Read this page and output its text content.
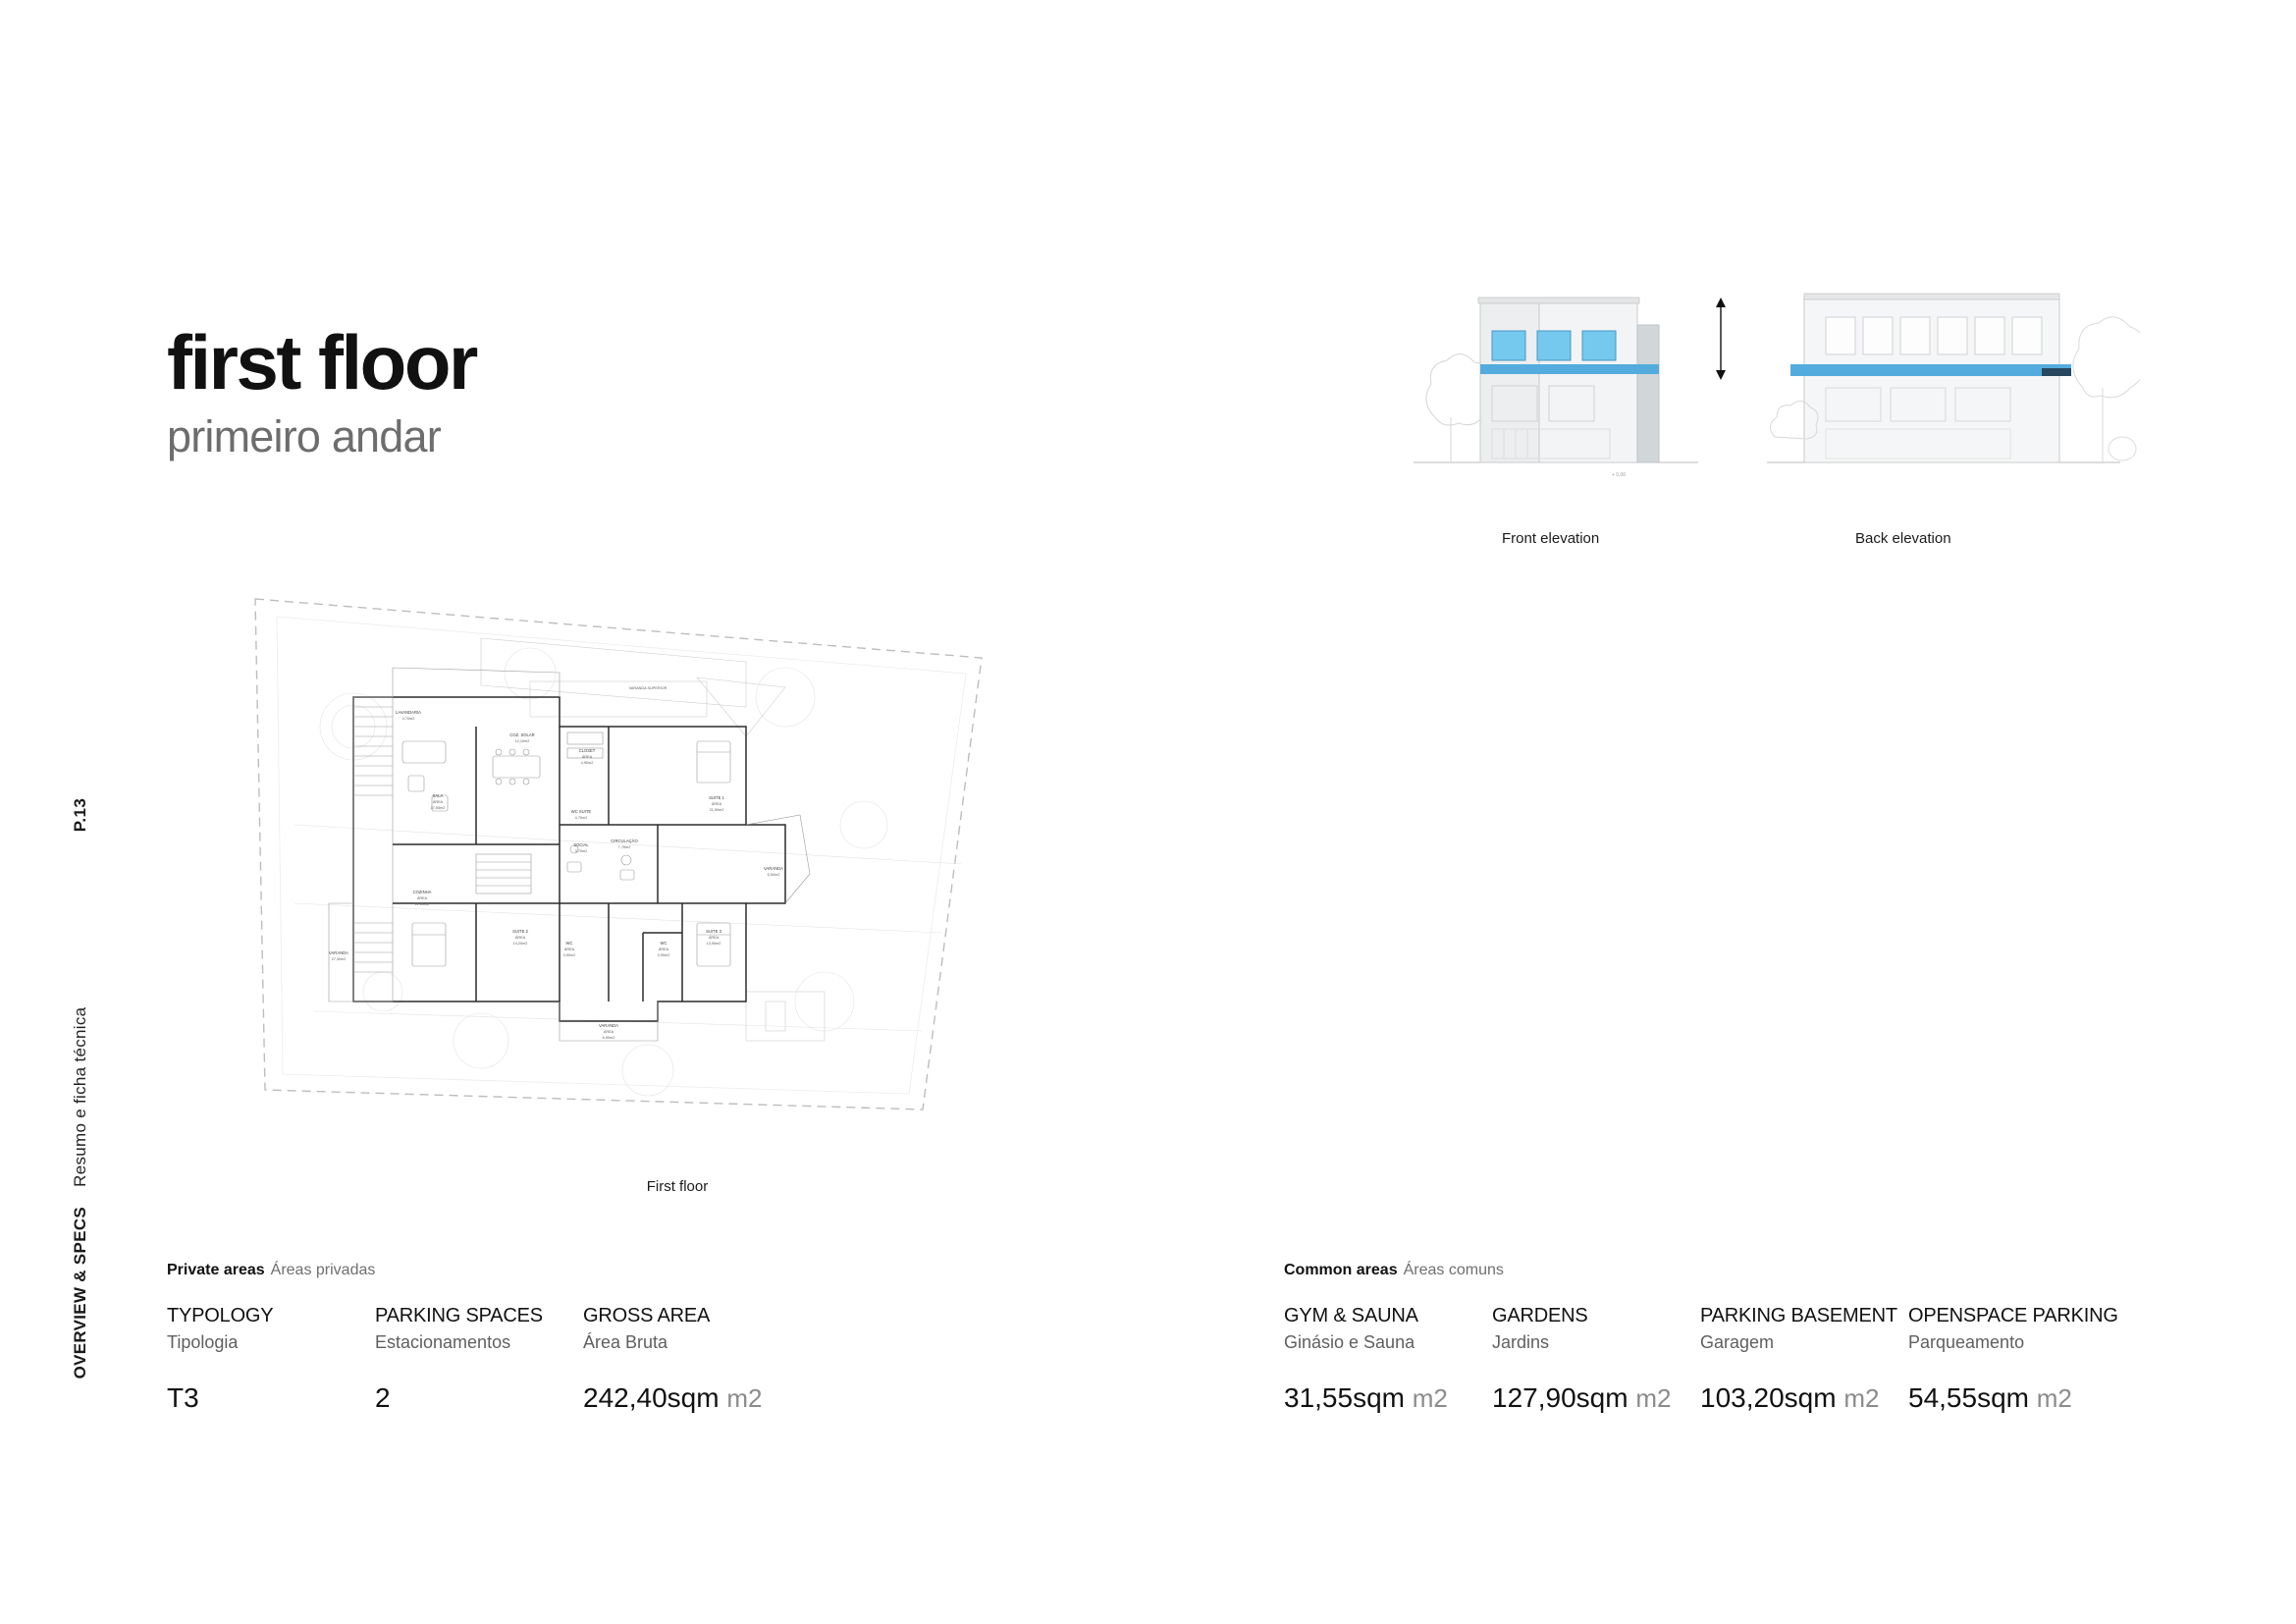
P.13
OVERVIEW & SPECS  Resumo e ficha técnica
first floor
primeiro andar
+ 0,00
Front elevation	Back elevation
LAVANDARIA
4,70m2
SALA
ÁREA
37,55m2
COZ. SOLAR
12,10m2
CLOSET
ÁREA
4,90m2
SUITE 1
ÁREA
21,50m2
WC SUITE
4,70m2
SOCIAL
3,70m2
CIRCULAÇÃO
7,75m2
VARANDA
27,30m2
VARANDA
6,50m2
COZINHA
ÁREA
11,60m2
SUITE 2
ÁREA
14,20m2
SUITE 3
ÁREA
13,90m2
WC
ÁREA
3,90m2
WC
ÁREA
3,90m2
VARANDA
ÁREA
6,90m2
VARANDA SUPERIOR
First floor
Private areas Áreas privadas
TYPOLOGY
Tipologia
T3
PARKING SPACES
Estacionamentos
2
GROSS AREA
Área Bruta
242,40sqm m2
Common areas Áreas comuns
GYM & SAUNA
Ginásio e Sauna
31,55sqm m2
GARDENS
Jardins
127,90sqm m2
PARKING BASEMENT
Garagem
103,20sqm m2
OPENSPACE PARKING
Parqueamento
54,55sqm m2
